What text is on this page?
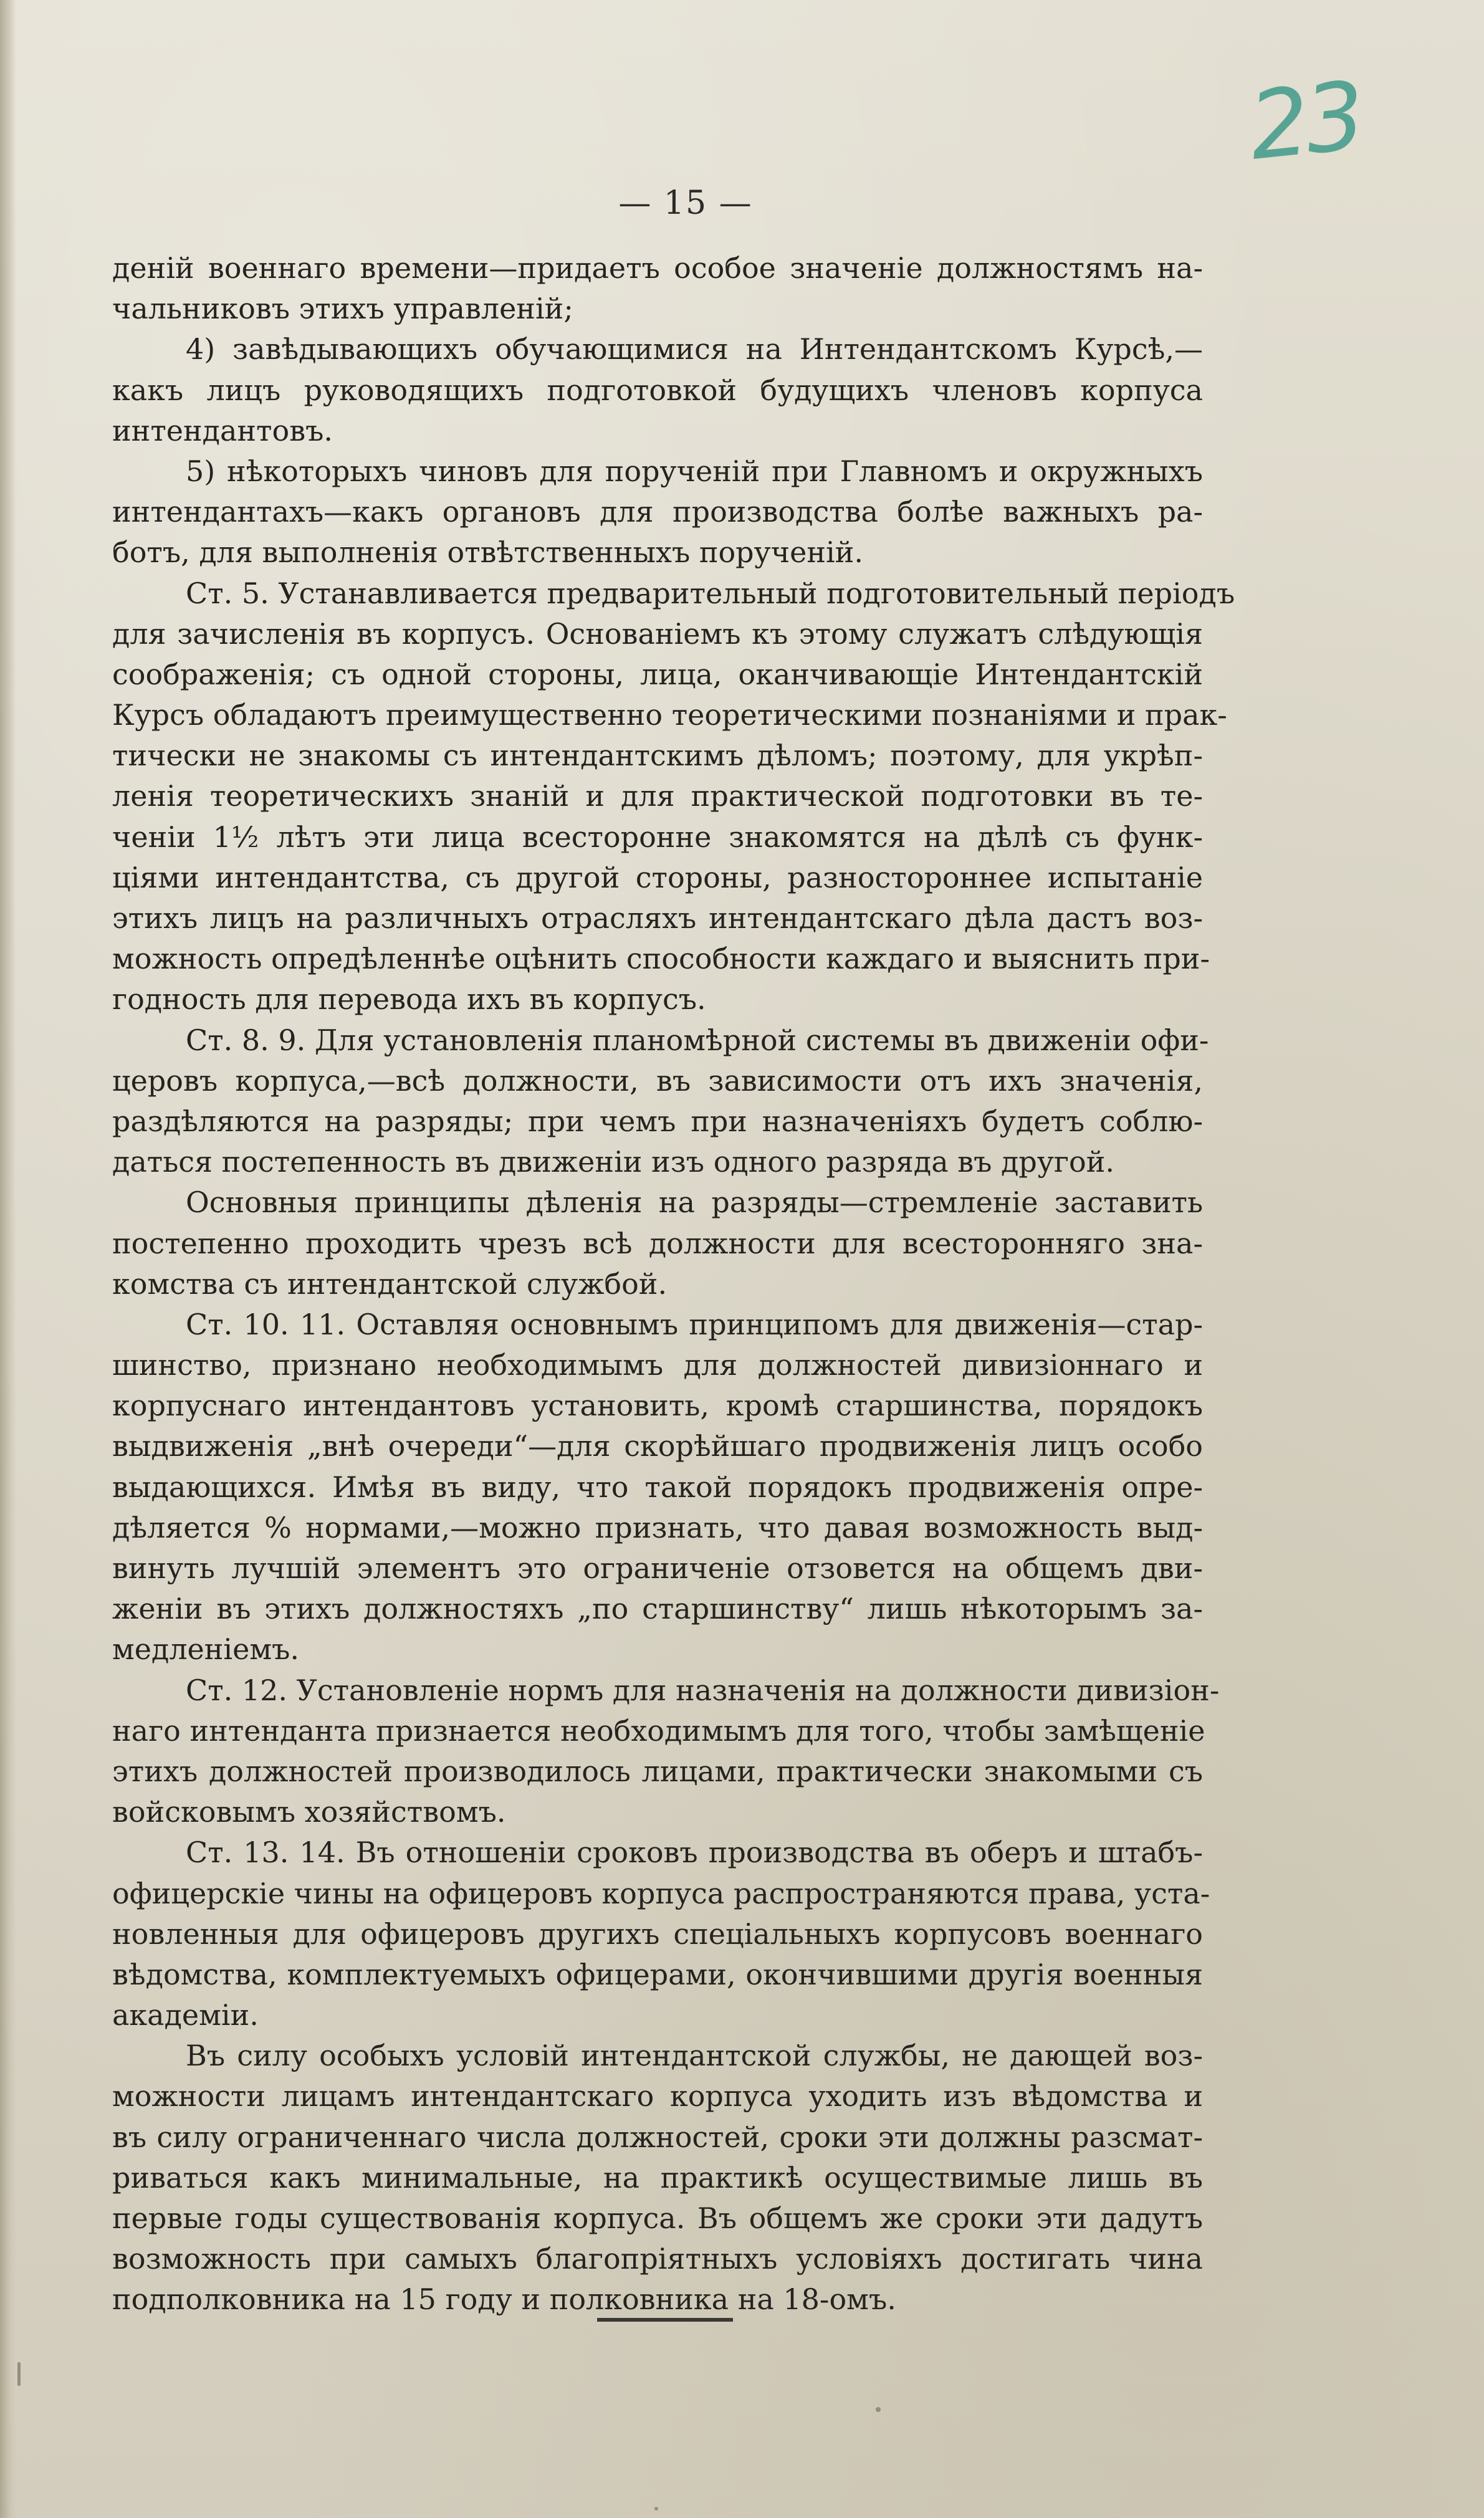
23
— 15 —
деній военнаго времени—придаетъ особое значеніе должностямъ на-
чальниковъ этихъ управленій;
4) завѣдывающихъ обучающимися на Интендантскомъ Курсѣ,—
какъ лицъ руководящихъ подготовкой будущихъ членовъ корпуса
интендантовъ.
5) нѣкоторыхъ чиновъ для порученій при Главномъ и окружныхъ
интендантахъ—какъ органовъ для производства болѣе важныхъ ра-
ботъ, для выполненія отвѣтственныхъ порученій.
Ст. 5. Устанавливается предварительный подготовительный періодъ
для зачисленія въ корпусъ. Основаніемъ къ этому служатъ слѣдующія
соображенія; съ одной стороны, лица, оканчивающіе Интендантскій
Курсъ обладаютъ преимущественно теоретическими познаніями и прак-
тически не знакомы съ интендантскимъ дѣломъ; поэтому, для укрѣп-
ленія теоретическихъ знаній и для практической подготовки въ те-
ченіи 1½ лѣтъ эти лица всесторонне знакомятся на дѣлѣ съ функ-
ціями интендантства, съ другой стороны, разностороннее испытаніе
этихъ лицъ на различныхъ отрасляхъ интендантскаго дѣла дастъ воз-
можность опредѣленнѣе оцѣнить способности каждаго и выяснить при-
годность для перевода ихъ въ корпусъ.
Ст. 8. 9. Для установленія планомѣрной системы въ движеніи офи-
церовъ корпуса,—всѣ должности, въ зависимости отъ ихъ значенія,
раздѣляются на разряды; при чемъ при назначеніяхъ будетъ соблю-
даться постепенность въ движеніи изъ одного разряда въ другой.
Основныя принципы дѣленія на разряды—стремленіе заставить
постепенно проходить чрезъ всѣ должности для всесторонняго зна-
комства съ интендантской службой.
Ст. 10. 11. Оставляя основнымъ принципомъ для движенія—стар-
шинство, признано необходимымъ для должностей дивизіоннаго и
корпуснаго интендантовъ установить, кромѣ старшинства, порядокъ
выдвиженія „внѣ очереди“—для скорѣйшаго продвиженія лицъ особо
выдающихся. Имѣя въ виду, что такой порядокъ продвиженія опре-
дѣляется % нормами,—можно признать, что давая возможность выд-
винуть лучшій элементъ это ограниченіе отзовется на общемъ дви-
женіи въ этихъ должностяхъ „по старшинству“ лишь нѣкоторымъ за-
медленіемъ.
Ст. 12. Установленіе нормъ для назначенія на должности дивизіон-
наго интенданта признается необходимымъ для того, чтобы замѣщеніе
этихъ должностей производилось лицами, практически знакомыми съ
войсковымъ хозяйствомъ.
Ст. 13. 14. Въ отношеніи сроковъ производства въ оберъ и штабъ-
офицерскіе чины на офицеровъ корпуса распространяются права, уста-
новленныя для офицеровъ другихъ спеціальныхъ корпусовъ военнаго
вѣдомства, комплектуемыхъ офицерами, окончившими другія военныя
академіи.
Въ силу особыхъ условій интендантской службы, не дающей воз-
можности лицамъ интендантскаго корпуса уходить изъ вѣдомства и
въ силу ограниченнаго числа должностей, сроки эти должны разсмат-
риваться какъ минимальные, на практикѣ осуществимые лишь въ
первые годы существованія корпуса. Въ общемъ же сроки эти дадутъ
возможность при самыхъ благопріятныхъ условіяхъ достигать чина
подполковника на 15 году и полковника на 18-омъ.
